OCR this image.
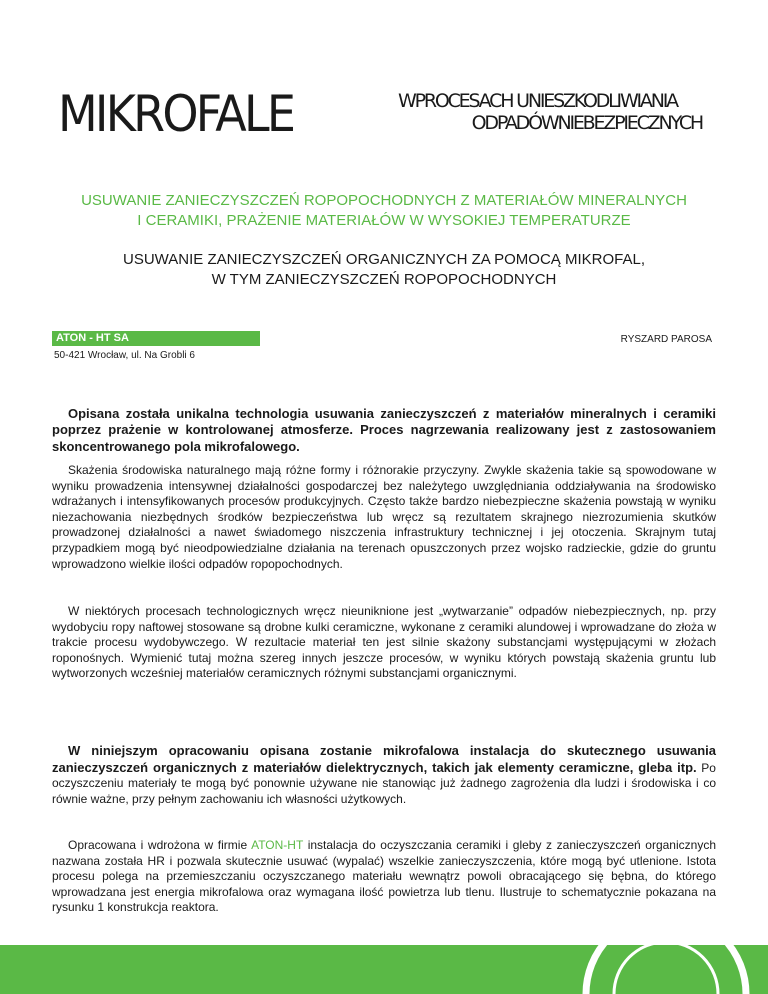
MIKROFALE	WPROCESACH UNIESZKODLIWIANIA
ODPADÓWNIEBEZPIECZNYCH
USUWANIE ZANIECZYSZCZEŃ ROPOPOCHODNYCH Z MATERIAŁÓW MINERALNYCH
I CERAMIKI, PRAŻENIE MATERIAŁÓW W WYSOKIEJ TEMPERATURZE
USUWANIE ZANIECZYSZCZEŃ ORGANICZNYCH ZA POMOCĄ MIKROFAL,
W TYM ZANIECZYSZCZEŃ ROPOPOCHODNYCH
ATON - HT SA
50-421 Wrocław, ul. Na Grobli 6
RYSZARD PAROSA

Opisana została unikalna technologia usuwania zanieczyszczeń z materiałów mineralnych i ceramiki poprzez prażenie w kontrolowanej atmosferze. Proces nagrzewania realizowany jest z zastosowaniem skoncentrowanego pola mikrofalowego.

Skażenia środowiska naturalnego mają różne formy i różnorakie przyczyny. Zwykle skażenia takie są spowodowane w wyniku prowadzenia intensywnej działalności gospodarczej bez należytego uwzględniania oddziaływania na środowisko wdrażanych i intensyfikowanych procesów produkcyjnych. Często także bardzo niebezpieczne skażenia powstają w wyniku niezachowania niezbędnych środków bezpieczeństwa lub wręcz są rezultatem skrajnego niezrozumienia skutków prowadzonej działalności a nawet świadomego niszczenia infrastruktury technicznej i jej otoczenia. Skrajnym tutaj przypadkiem mogą być nieodpowiedzialne działania na terenach opuszczonych przez wojsko radzieckie, gdzie do gruntu wprowadzono wielkie ilości odpadów ropopochodnych.

W niektórych procesach technologicznych wręcz nieuniknione jest „wytwarzanie” odpadów niebezpiecznych, np. przy wydobyciu ropy naftowej stosowane są drobne kulki ceramiczne, wykonane z ceramiki alundowej i wprowadzane do złoża w trakcie procesu wydobywczego. W rezultacie materiał ten jest silnie skażony substancjami występującymi w złożach roponośnych. Wymienić tutaj można szereg innych jeszcze procesów, w wyniku których powstają skażenia gruntu lub wytworzonych wcześniej materiałów ceramicznych różnymi substancjami organicznymi.

W niniejszym opracowaniu opisana zostanie mikrofalowa instalacja do skutecznego usuwania zanieczyszczeń organicznych z materiałów dielektrycznych, takich jak elementy ceramiczne, gleba itp. Po oczyszczeniu materiały te mogą być ponownie używane nie stanowiąc już żadnego zagrożenia dla ludzi i środowiska i co równie ważne, przy pełnym zachowaniu ich własności użytkowych.

Opracowana i wdrożona w firmie ATON-HT instalacja do oczyszczania ceramiki i gleby z zanieczyszczeń organicznych nazwana została HR i pozwala skutecznie usuwać (wypalać) wszelkie zanieczyszczenia, które mogą być utlenione. Istota procesu polega na przemieszczaniu oczyszczanego materiału wewnątrz powoli obracającego się bębna, do którego wprowadzana jest energia mikrofalowa oraz wymagana ilość powietrza lub tlenu. Ilustruje to schematycznie pokazana na rysunku 1 konstrukcja reaktora.
